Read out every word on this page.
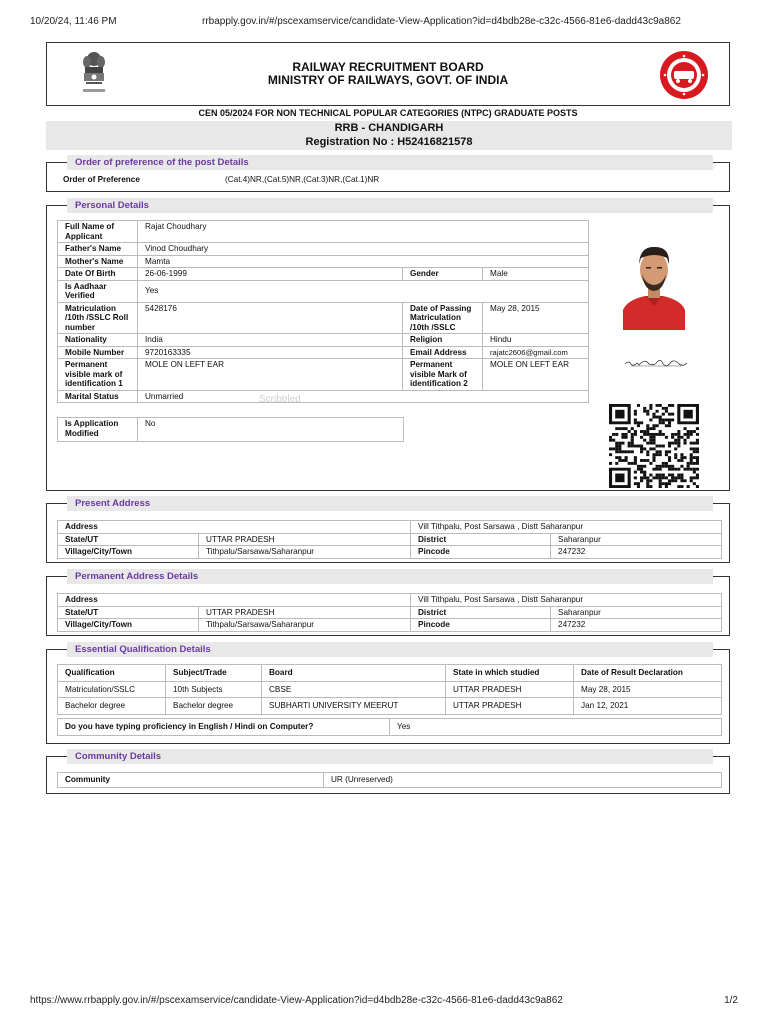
10/20/24, 11:46 PM	rrbapply.gov.in/#/pscexamservice/candidate-View-Application?id=d4bdb28e-c32c-4566-81e6-dadd43c9a862
RAILWAY RECRUITMENT BOARD
MINISTRY OF RAILWAYS, GOVT. OF INDIA
CEN 05/2024 FOR NON TECHNICAL POPULAR CATEGORIES (NTPC) GRADUATE POSTS
RRB - CHANDIGARH
Registration No : H52416821578
Order of preference of the post Details
Order of Preference	(Cat.4)NR,(Cat.5)NR,(Cat.3)NR,(Cat.1)NR
Personal Details
Scribbled
Full Name of Applicant	Rajat Choudhary		
Father's Name	Vinod Choudhary		
Mother's Name	Mamta		
Date Of Birth	26-06-1999	Gender	Male
Is Aadhaar Verified	Yes		
Matriculation /10th /SSLC Roll number	5428176	Date of Passing Matriculation /10th /SSLC	May 28, 2015
Nationality	India	Religion	Hindu
Mobile Number	9720163335	Email Address	rajatc2606@gmail.com
Permanent visible mark of identification 1	MOLE ON LEFT EAR	Permanent visible Mark of identification 2	MOLE ON LEFT EAR
Marital Status	Unmarried		
Is Application Modified	No
Present Address
Address		Vill Tithpalu, Post Sarsawa , Distt Saharanpur	
State/UT	UTTAR PRADESH	District	Saharanpur
Village/City/Town	Tithpalu/Sarsawa/Saharanpur	Pincode	247232
Permanent Address Details
Address		Vill Tithpalu, Post Sarsawa , Distt Saharanpur	
State/UT	UTTAR PRADESH	District	Saharanpur
Village/City/Town	Tithpalu/Sarsawa/Saharanpur	Pincode	247232
Essential Qualification Details
Qualification	Subject/Trade	Board	State in which studied	Date of Result Declaration
Matriculation/SSLC	10th Subjects	CBSE	UTTAR PRADESH	May 28, 2015
Bachelor degree	Bachelor degree	SUBHARTI UNIVERSITY MEERUT	UTTAR PRADESH	Jan 12, 2021
Do you have typing proficiency in English / Hindi on Computer?	Yes
Community Details
Community	UR (Unreserved)
https://www.rrbapply.gov.in/#/pscexamservice/candidate-View-Application?id=d4bdb28e-c32c-4566-81e6-dadd43c9a862	1/2
